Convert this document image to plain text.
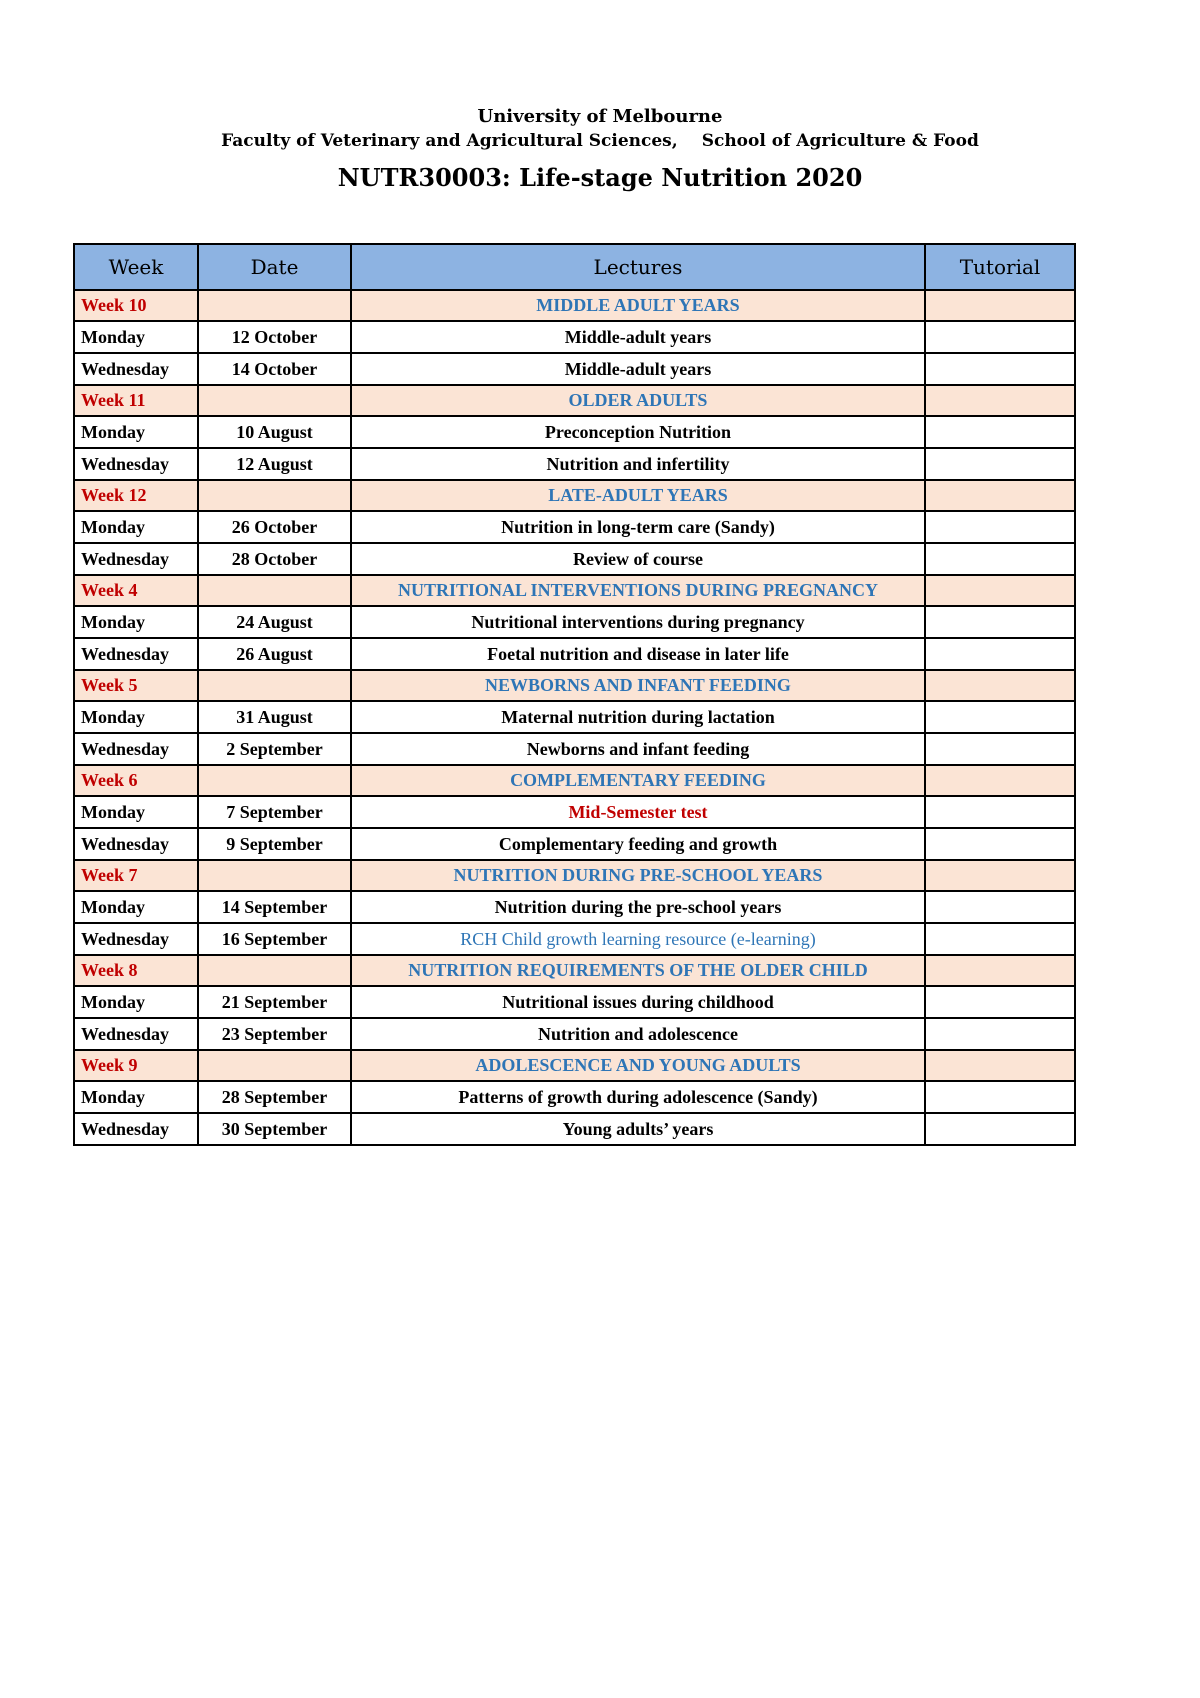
University of Melbourne
Faculty of Veterinary and Agricultural Sciences, School of Agriculture & Food
NUTR30003: Life-stage Nutrition 2020
Week	Date	Lectures	Tutorial
Week 10		MIDDLE ADULT YEARS	
Monday	12 October	Middle-adult years	
Wednesday	14 October	Middle-adult years	
Week 11		OLDER ADULTS	
Monday	10 August	Preconception Nutrition	
Wednesday	12 August	Nutrition and infertility	
Week 12		LATE-ADULT YEARS	
Monday	26 October	Nutrition in long-term care (Sandy)	
Wednesday	28 October	Review of course	
Week 4		NUTRITIONAL INTERVENTIONS DURING PREGNANCY	
Monday	24 August	Nutritional interventions during pregnancy	
Wednesday	26 August	Foetal nutrition and disease in later life	
Week 5		NEWBORNS AND INFANT FEEDING	
Monday	31 August	Maternal nutrition during lactation	
Wednesday	2 September	Newborns and infant feeding	
Week 6		COMPLEMENTARY FEEDING	
Monday	7 September	Mid-Semester test	
Wednesday	9 September	Complementary feeding and growth	
Week 7		NUTRITION DURING PRE-SCHOOL YEARS	
Monday	14 September	Nutrition during the pre-school years	
Wednesday	16 September	RCH Child growth learning resource (e-learning)	
Week 8		NUTRITION REQUIREMENTS OF THE OLDER CHILD	
Monday	21 September	Nutritional issues during childhood	
Wednesday	23 September	Nutrition and adolescence	
Week 9		ADOLESCENCE AND YOUNG ADULTS	
Monday	28 September	Patterns of growth during adolescence (Sandy)	
Wednesday	30 September	Young adults’ years	
